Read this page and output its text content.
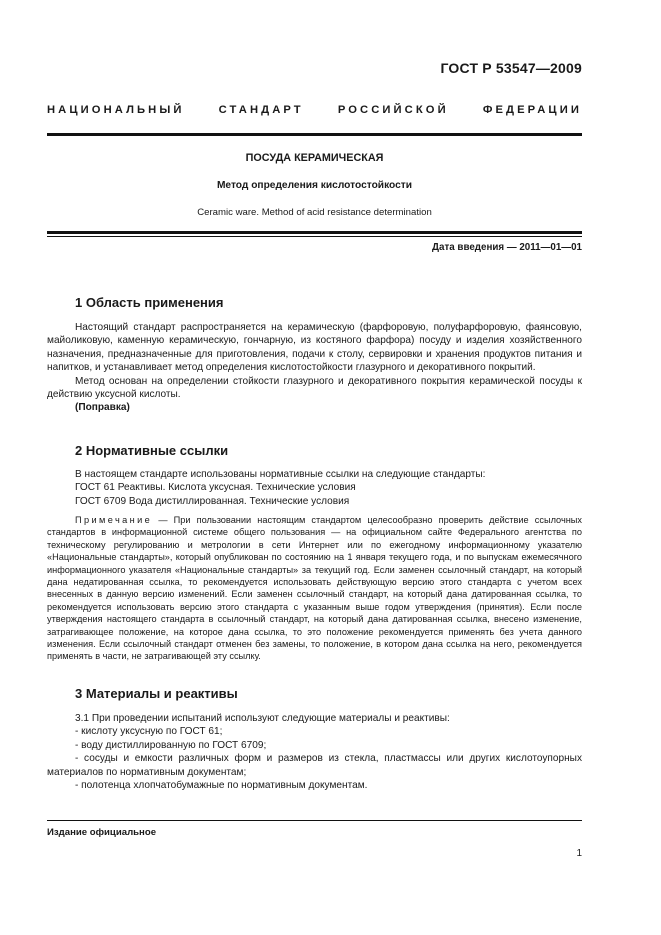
ГОСТ Р 53547—2009
НАЦИОНАЛЬНЫЙ СТАНДАРТ РОССИЙСКОЙ ФЕДЕРАЦИИ
ПОСУДА КЕРАМИЧЕСКАЯ
Метод определения кислотостойкости
Ceramic ware. Method of acid resistance determination
Дата введения — 2011—01—01
1 Область применения

Настоящий стандарт распространяется на керамическую (фарфоровую, полуфарфоровую, фаянсовую, майоликовую, каменную керамическую, гончарную, из костяного фарфора) посуду и изделия хозяйственного назначения, предназначенные для приготовления, подачи к столу, сервировки и хранения продуктов питания и напитков, и устанавливает метод определения кислотостойкости глазурного и декоративного покрытий.

Метод основан на определении стойкости глазурного и декоративного покрытия керамической посуды к действию уксусной кислоты.

(Поправка)

2 Нормативные ссылки
В настоящем стандарте использованы нормативные ссылки на следующие стандарты:
ГОСТ 61 Реактивы. Кислота уксусная. Технические условия
ГОСТ 6709 Вода дистиллированная. Технические условия
Примечание — При пользовании настоящим стандартом целесообразно проверить действие ссылочных стандартов в информационной системе общего пользования — на официальном сайте Федерального агентства по техническому регулированию и метрологии в сети Интернет или по ежегодному информационному указателю «Национальные стандарты», который опубликован по состоянию на 1 января текущего года, и по выпускам ежемесячного информационного указателя «Национальные стандарты» за текущий год. Если заменен ссылочный стандарт, на который дана недатированная ссылка, то рекомендуется использовать действующую версию этого стандарта с учетом всех внесенных в данную версию изменений. Если заменен ссылочный стандарт, на который дана датированная ссылка, то рекомендуется использовать версию этого стандарта с указанным выше годом утверждения (принятия). Если после утверждения настоящего стандарта в ссылочный стандарт, на который дана датированная ссылка, внесено изменение, затрагивающее положение, на которое дана ссылка, то это положение рекомендуется применять без учета данного изменения. Если ссылочный стандарт отменен без замены, то положение, в котором дана ссылка на него, рекомендуется применять в части, не затрагивающей эту ссылку.
3 Материалы и реактивы

3.1 При проведении испытаний используют следующие материалы и реактивы:

- кислоту уксусную по ГОСТ 61;

- воду дистиллированную по ГОСТ 6709;

- сосуды и емкости различных форм и размеров из стекла, пластмассы или других кислотоупорных материалов по нормативным документам;

- полотенца хлопчатобумажные по нормативным документам.

Издание официальное
1
